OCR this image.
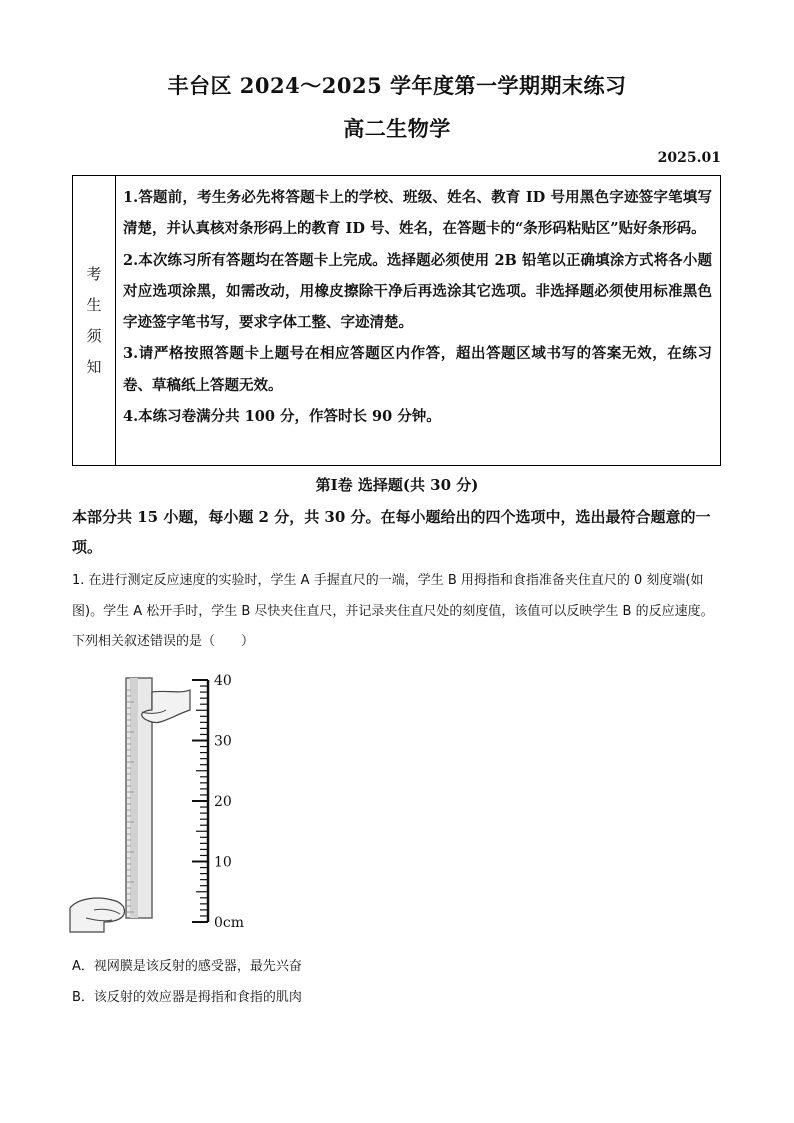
丰台区 2024～2025 学年度第一学期期末练习
高二生物学
2025.01
考
生
须
知

1.答题前，考生务必先将答题卡上的学校、班级、姓名、教育 ID 号用黑色字迹签字笔填写清楚，并认真核对条形码上的教育 ID 号、姓名，在答题卡的“条形码粘贴区”贴好条形码。

2.本次练习所有答题均在答题卡上完成。选择题必须使用 2B 铅笔以正确填涂方式将各小题对应选项涂黑，如需改动，用橡皮擦除干净后再选涂其它选项。非选择题必须使用标准黑色字迹签字笔书写，要求字体工整、字迹清楚。

3.请严格按照答题卡上题号在相应答题区内作答，超出答题区域书写的答案无效，在练习卷、草稿纸上答题无效。

4.本练习卷满分共 100 分，作答时长 90 分钟。

第Ⅰ卷 选择题(共 30 分)
本部分共 15 小题，每小题 2 分，共 30 分。在每小题给出的四个选项中，选出最符合题意的一项。
1. 在进行测定反应速度的实验时，学生 A 手握直尺的一端，学生 B 用拇指和食指准备夹住直尺的 0 刻度端(如图)。学生 A 松开手时，学生 B 尽快夹住直尺，并记录夹住直尺处的刻度值，该值可以反映学生 B 的反应速度。下列相关叙述错误的是（　　）
40
30
20
10
0cm
A．视网膜是该反射的感受器，最先兴奋
B．该反射的效应器是拇指和食指的肌肉
